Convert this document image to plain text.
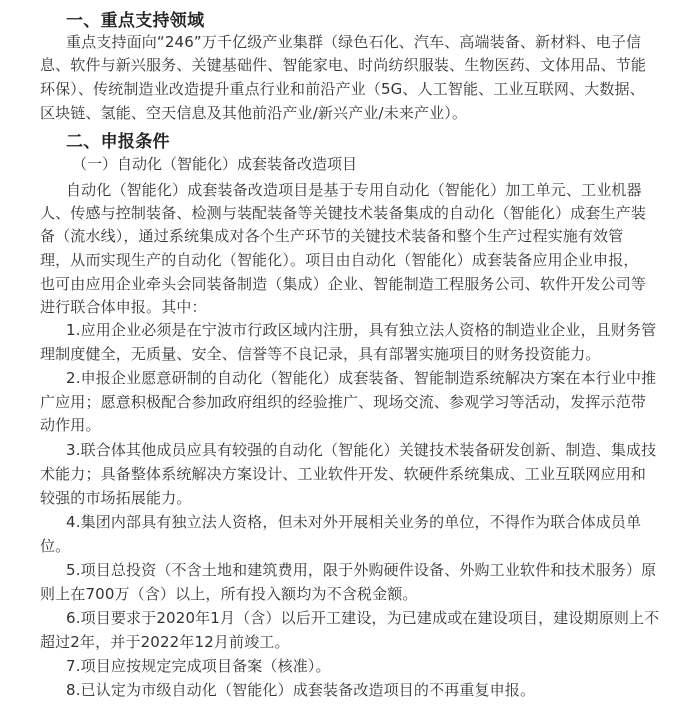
一、重点支持领域
重点支持面向“246”万千亿级产业集群（绿色石化、汽车、高端装备、新材料、电子信
息、软件与新兴服务、关键基础件、智能家电、时尚纺织服装、生物医药、文体用品、节能
环保）、传统制造业改造提升重点行业和前沿产业（5G、人工智能、工业互联网、大数据、
区块链、氢能、空天信息及其他前沿产业/新兴产业/未来产业）。
二、申报条件
（一）自动化（智能化）成套装备改造项目
自动化（智能化）成套装备改造项目是基于专用自动化（智能化）加工单元、工业机器
人、传感与控制装备、检测与装配装备等关键技术装备集成的自动化（智能化）成套生产装
备（流水线），通过系统集成对各个生产环节的关键技术装备和整个生产过程实施有效管
理，从而实现生产的自动化（智能化）。项目由自动化（智能化）成套装备应用企业申报，
也可由应用企业牵头会同装备制造（集成）企业、智能制造工程服务公司、软件开发公司等
进行联合体申报。其中：
1.应用企业必须是在宁波市行政区域内注册，具有独立法人资格的制造业企业，且财务管
理制度健全，无质量、安全、信誉等不良记录，具有部署实施项目的财务投资能力。
2.申报企业愿意研制的自动化（智能化）成套装备、智能制造系统解决方案在本行业中推
广应用；愿意积极配合参加政府组织的经验推广、现场交流、参观学习等活动，发挥示范带
动作用。
3.联合体其他成员应具有较强的自动化（智能化）关键技术装备研发创新、制造、集成技
术能力；具备整体系统解决方案设计、工业软件开发、软硬件系统集成、工业互联网应用和
较强的市场拓展能力。
4.集团内部具有独立法人资格，但未对外开展相关业务的单位，不得作为联合体成员单
位。
5.项目总投资（不含土地和建筑费用，限于外购硬件设备、外购工业软件和技术服务）原
则上在700万（含）以上，所有投入额均为不含税金额。
6.项目要求于2020年1月（含）以后开工建设，为已建成或在建设项目，建设期原则上不
超过2年，并于2022年12月前竣工。
7.项目应按规定完成项目备案（核准）。
8.已认定为市级自动化（智能化）成套装备改造项目的不再重复申报。
